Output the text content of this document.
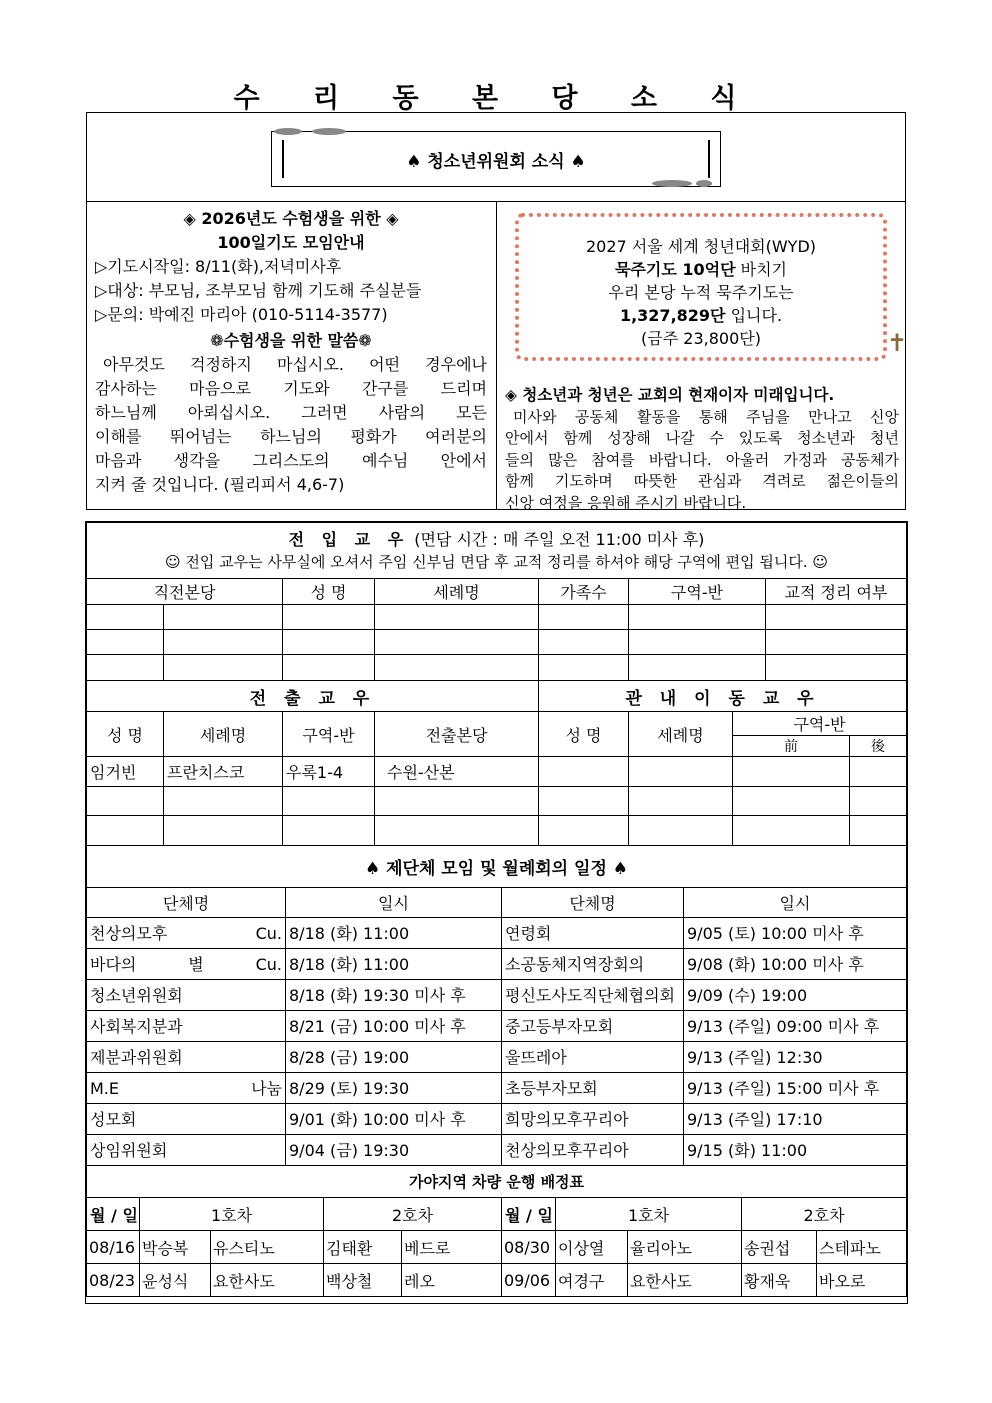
수 리 동 본 당 소 식
♠ 청소년위원회 소식 ♠
◈ 2026년도 수험생을 위한 ◈
100일기도 모임안내
▷기도시작일: 8/11(화),저녁미사후
▷대상: 부모님, 조부모님 함께 기도해 주실분들
▷문의: 박예진 마리아 (010-5114-3577)
❁수험생을 위한 말씀❁
아무것도 걱정하지 마십시오. 어떤 경우에나
감사하는 마음으로 기도와 간구를 드리며
하느님께 아뢰십시오. 그러면 사람의 모든
이해를 뛰어넘는 하느님의 평화가 여러분의
마음과 생각을 그리스도의 예수님 안에서
지켜 줄 것입니다. (필리피서 4,6-7)
2027 서울 세계 청년대회(WYD)
묵주기도 10억단 바치기
우리 본당 누적 묵주기도는
1,327,829단 입니다.
(금주 23,800단)	✝
◈ 청소년과 청년은 교회의 현재이자 미래입니다.
미사와 공동체 활동을 통해 주님을 만나고 신앙
안에서 함께 성장해 나갈 수 있도록 청소년과 청년
들의 많은 참여를 바랍니다. 아울러 가정과 공동체가
함께 기도하며 따뜻한 관심과 격려로 젊은이들의
신앙 여정을 응원해 주시기 바랍니다.
전 입 교 우 (면담 시간 : 매 주일 오전 11:00 미사 후)
☺ 전입 교우는 사무실에 오셔서 주임 신부님 면담 후 교적 정리를 하셔야 해당 구역에 편입 됩니다. ☺								

직전본당		성 명	세례명	가족수	구역-반		교적 정리 여부	

전 출 교 우				관 내 이 동 교 우				
성 명	세례명	구역-반	전출본당	성 명	세례명	구역-반		
						前		後
임거빈	프란치스코	우록1-4	수원-산본					

♠ 제단체 모임 및 월례회의 일정 ♠			
단체명	일시	단체명	일시
천상의모후 Cu.	8/18 (화) 11:00	연령회	9/05 (토) 10:00 미사 후
바다의 별 Cu.	8/18 (화) 11:00	소공동체지역장회의	9/08 (화) 10:00 미사 후
청소년위원회	8/18 (화) 19:30 미사 후	평신도사도직단체협의회	9/09 (수) 19:00
사회복지분과	8/21 (금) 10:00 미사 후	중고등부자모회	9/13 (주일) 09:00 미사 후
제분과위원회	8/28 (금) 19:00	울뜨레아	9/13 (주일) 12:30
M.E 나눔	8/29 (토) 19:30	초등부자모회	9/13 (주일) 15:00 미사 후
성모회	9/01 (화) 10:00 미사 후	희망의모후꾸리아	9/13 (주일) 17:10
상임위원회	9/04 (금) 19:30	천상의모후꾸리아	9/15 (화) 11:00
가야지역 차량 운행 배정표									
월 / 일	1호차		2호차		월 / 일	1호차		2호차	
08/16	박승복	유스티노	김태환	베드로	08/30	이상열	율리아노	송권섭	스테파노
08/23	윤성식	요한사도	백상철	레오	09/06	여경구	요한사도	황재욱	바오로
